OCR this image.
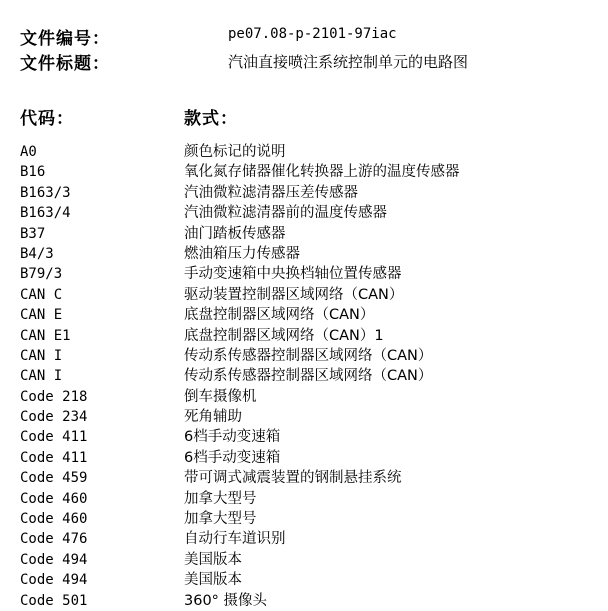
文件编号：	pe07.08-p-2101-97iac
文件标题：	汽油直接喷注系统控制单元的电路图
代码：	款式：
A0	颜色标记的说明
B16	氧化氮存储器催化转换器上游的温度传感器
B163/3	汽油微粒滤清器压差传感器
B163/4	汽油微粒滤清器前的温度传感器
B37	油门踏板传感器
B4/3	燃油箱压力传感器
B79/3	手动变速箱中央换档轴位置传感器
CAN C	驱动装置控制器区域网络（CAN）
CAN E	底盘控制器区域网络（CAN）
CAN E1	底盘控制器区域网络（CAN）1
CAN I	传动系传感器控制器区域网络（CAN）
CAN I	传动系传感器控制器区域网络（CAN）
Code 218	倒车摄像机
Code 234	死角辅助
Code 411	6档手动变速箱
Code 411	6档手动变速箱
Code 459	带可调式减震装置的钢制悬挂系统
Code 460	加拿大型号
Code 460	加拿大型号
Code 476	自动行车道识别
Code 494	美国版本
Code 494	美国版本
Code 501	360° 摄像头
